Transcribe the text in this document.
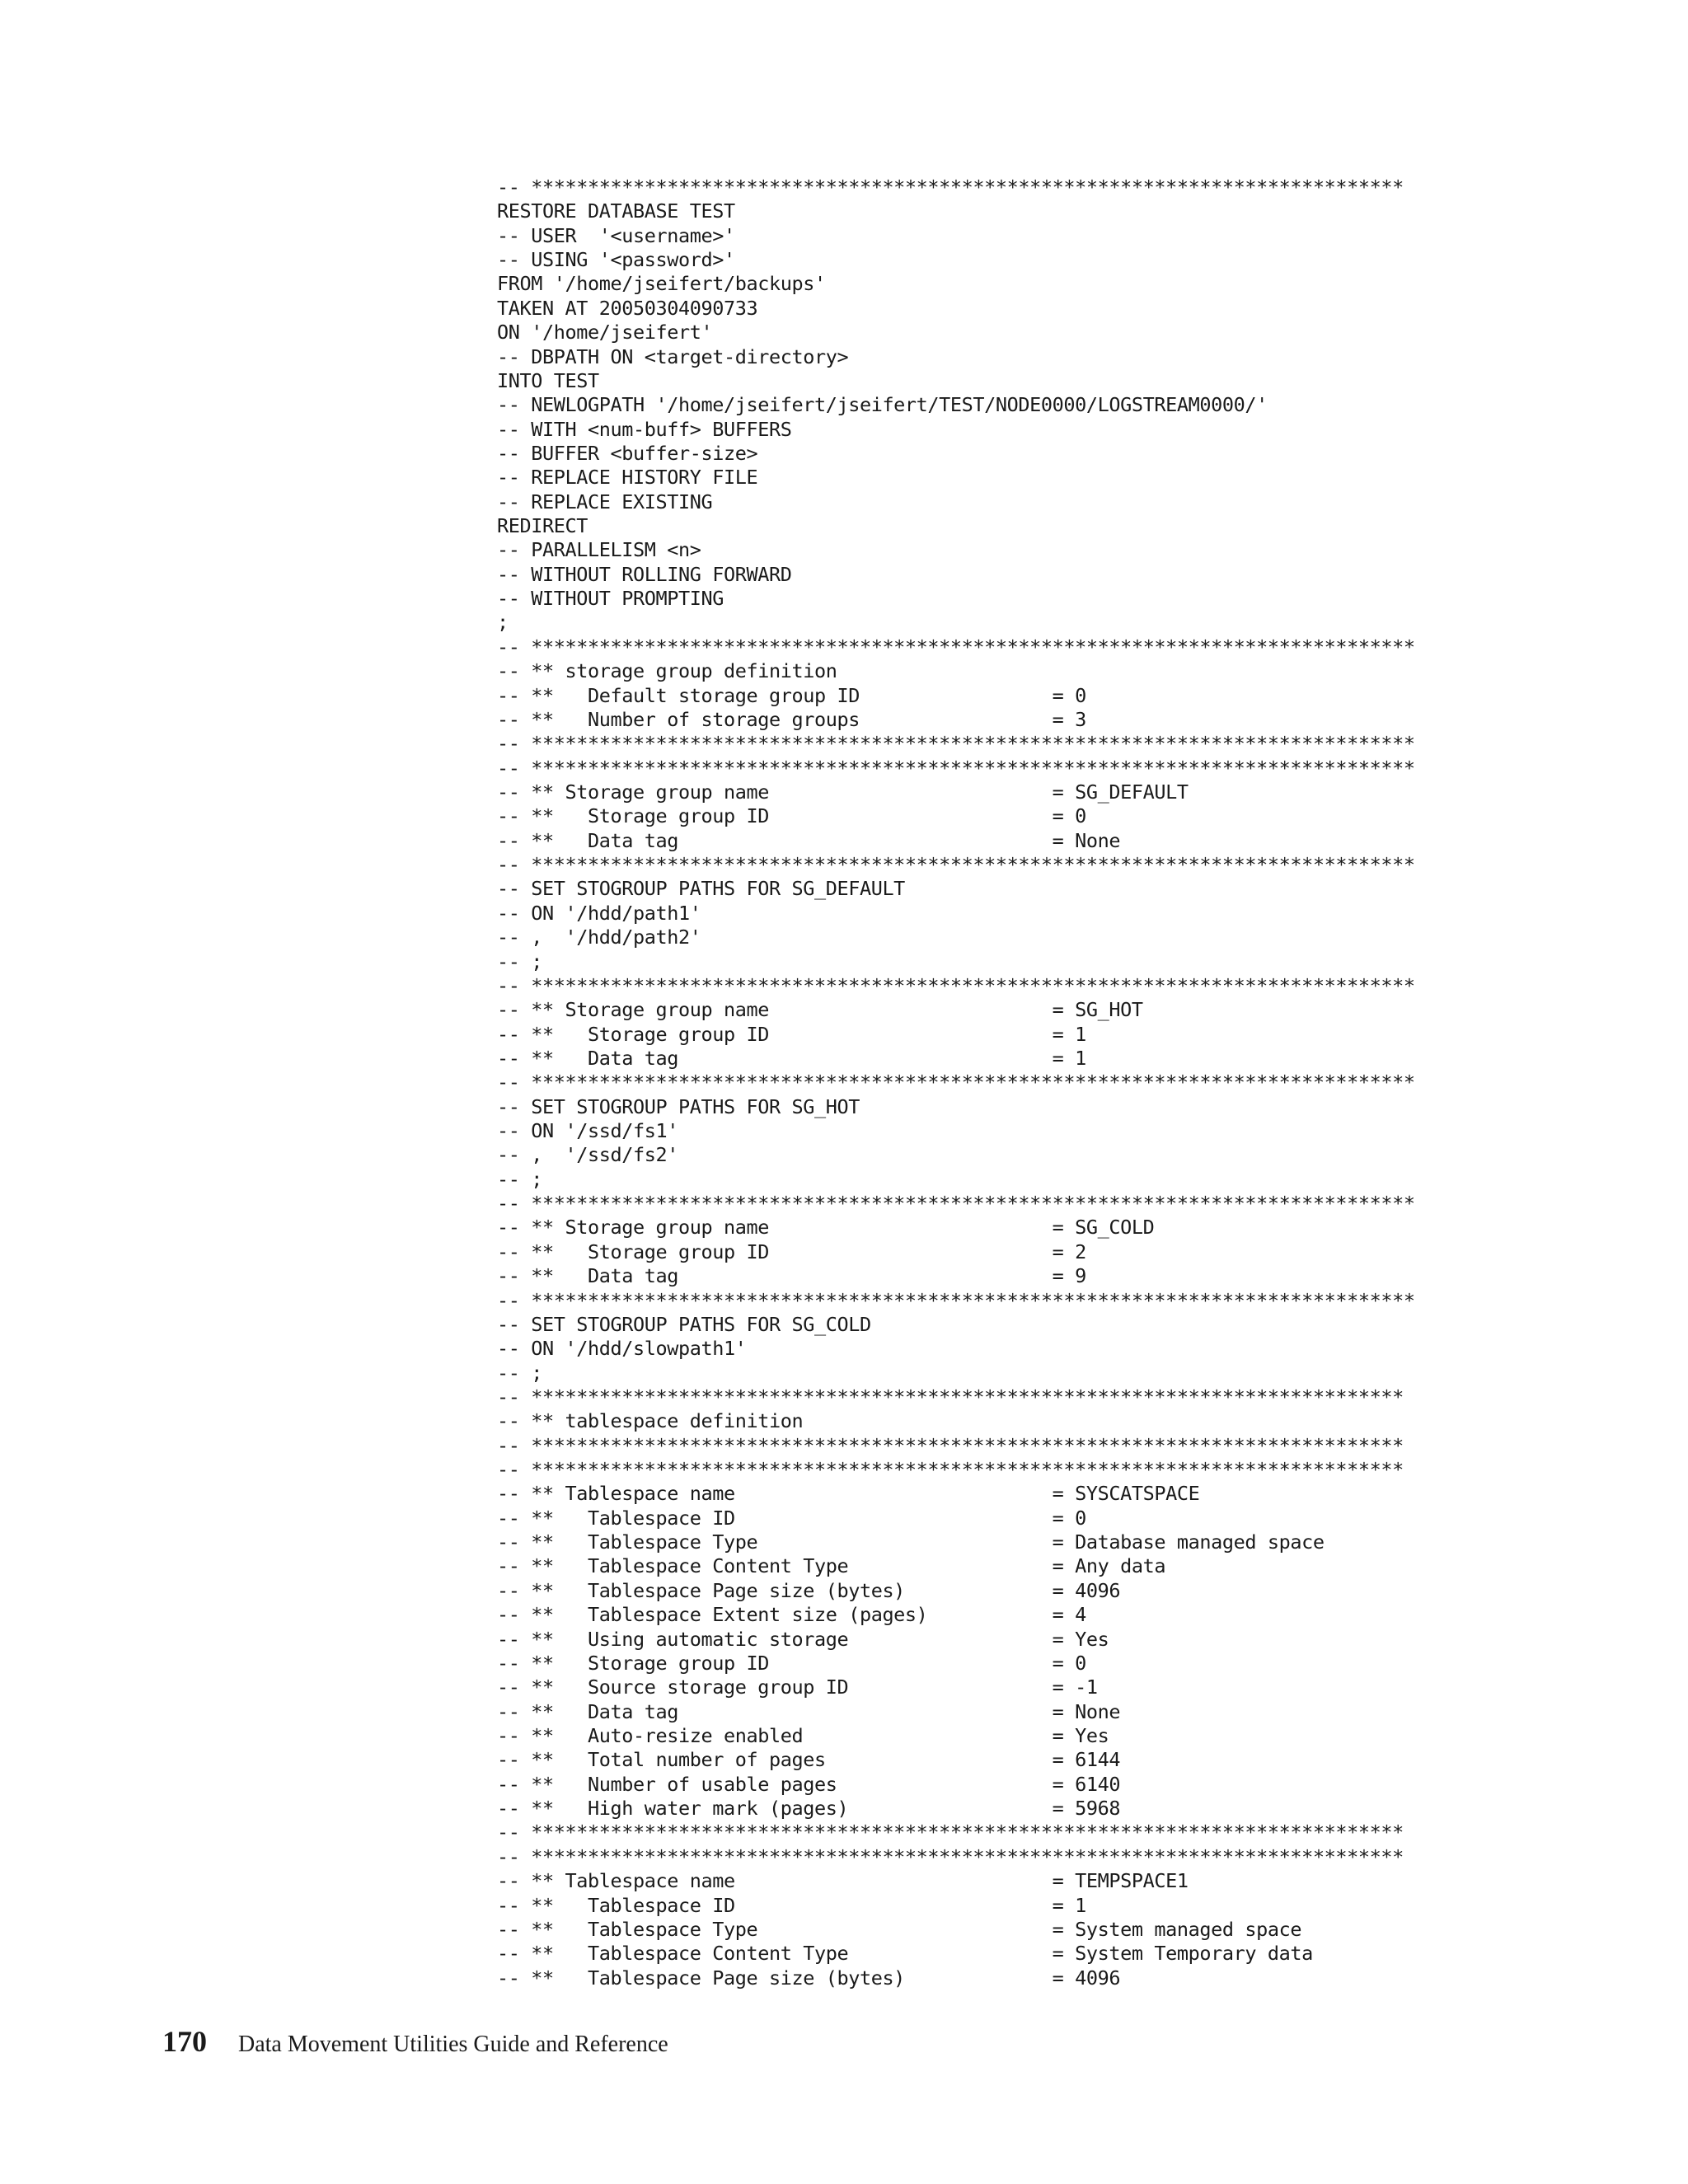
-- *****************************************************************************
RESTORE DATABASE TEST
-- USER  '<username>'
-- USING '<password>'
FROM '/home/jseifert/backups'
TAKEN AT 20050304090733
ON '/home/jseifert'
-- DBPATH ON <target-directory>
INTO TEST
-- NEWLOGPATH '/home/jseifert/jseifert/TEST/NODE0000/LOGSTREAM0000/'
-- WITH <num-buff> BUFFERS
-- BUFFER <buffer-size>
-- REPLACE HISTORY FILE
-- REPLACE EXISTING
REDIRECT
-- PARALLELISM <n>
-- WITHOUT ROLLING FORWARD
-- WITHOUT PROMPTING
;
-- ******************************************************************************
-- ** storage group definition
-- **   Default storage group ID                 = 0
-- **   Number of storage groups                 = 3
-- ******************************************************************************
-- ******************************************************************************
-- ** Storage group name                         = SG_DEFAULT
-- **   Storage group ID                         = 0
-- **   Data tag                                 = None
-- ******************************************************************************
-- SET STOGROUP PATHS FOR SG_DEFAULT
-- ON '/hdd/path1'
-- ,  '/hdd/path2'
-- ;
-- ******************************************************************************
-- ** Storage group name                         = SG_HOT
-- **   Storage group ID                         = 1
-- **   Data tag                                 = 1
-- ******************************************************************************
-- SET STOGROUP PATHS FOR SG_HOT
-- ON '/ssd/fs1'
-- ,  '/ssd/fs2'
-- ;
-- ******************************************************************************
-- ** Storage group name                         = SG_COLD
-- **   Storage group ID                         = 2
-- **   Data tag                                 = 9
-- ******************************************************************************
-- SET STOGROUP PATHS FOR SG_COLD
-- ON '/hdd/slowpath1'
-- ;
-- *****************************************************************************
-- ** tablespace definition
-- *****************************************************************************
-- *****************************************************************************
-- ** Tablespace name                            = SYSCATSPACE
-- **   Tablespace ID                            = 0
-- **   Tablespace Type                          = Database managed space
-- **   Tablespace Content Type                  = Any data
-- **   Tablespace Page size (bytes)             = 4096
-- **   Tablespace Extent size (pages)           = 4
-- **   Using automatic storage                  = Yes
-- **   Storage group ID                         = 0
-- **   Source storage group ID                  = -1
-- **   Data tag                                 = None
-- **   Auto-resize enabled                      = Yes
-- **   Total number of pages                    = 6144
-- **   Number of usable pages                   = 6140
-- **   High water mark (pages)                  = 5968
-- *****************************************************************************
-- *****************************************************************************
-- ** Tablespace name                            = TEMPSPACE1
-- **   Tablespace ID                            = 1
-- **   Tablespace Type                          = System managed space
-- **   Tablespace Content Type                  = System Temporary data
-- **   Tablespace Page size (bytes)             = 4096
170 Data Movement Utilities Guide and Reference
